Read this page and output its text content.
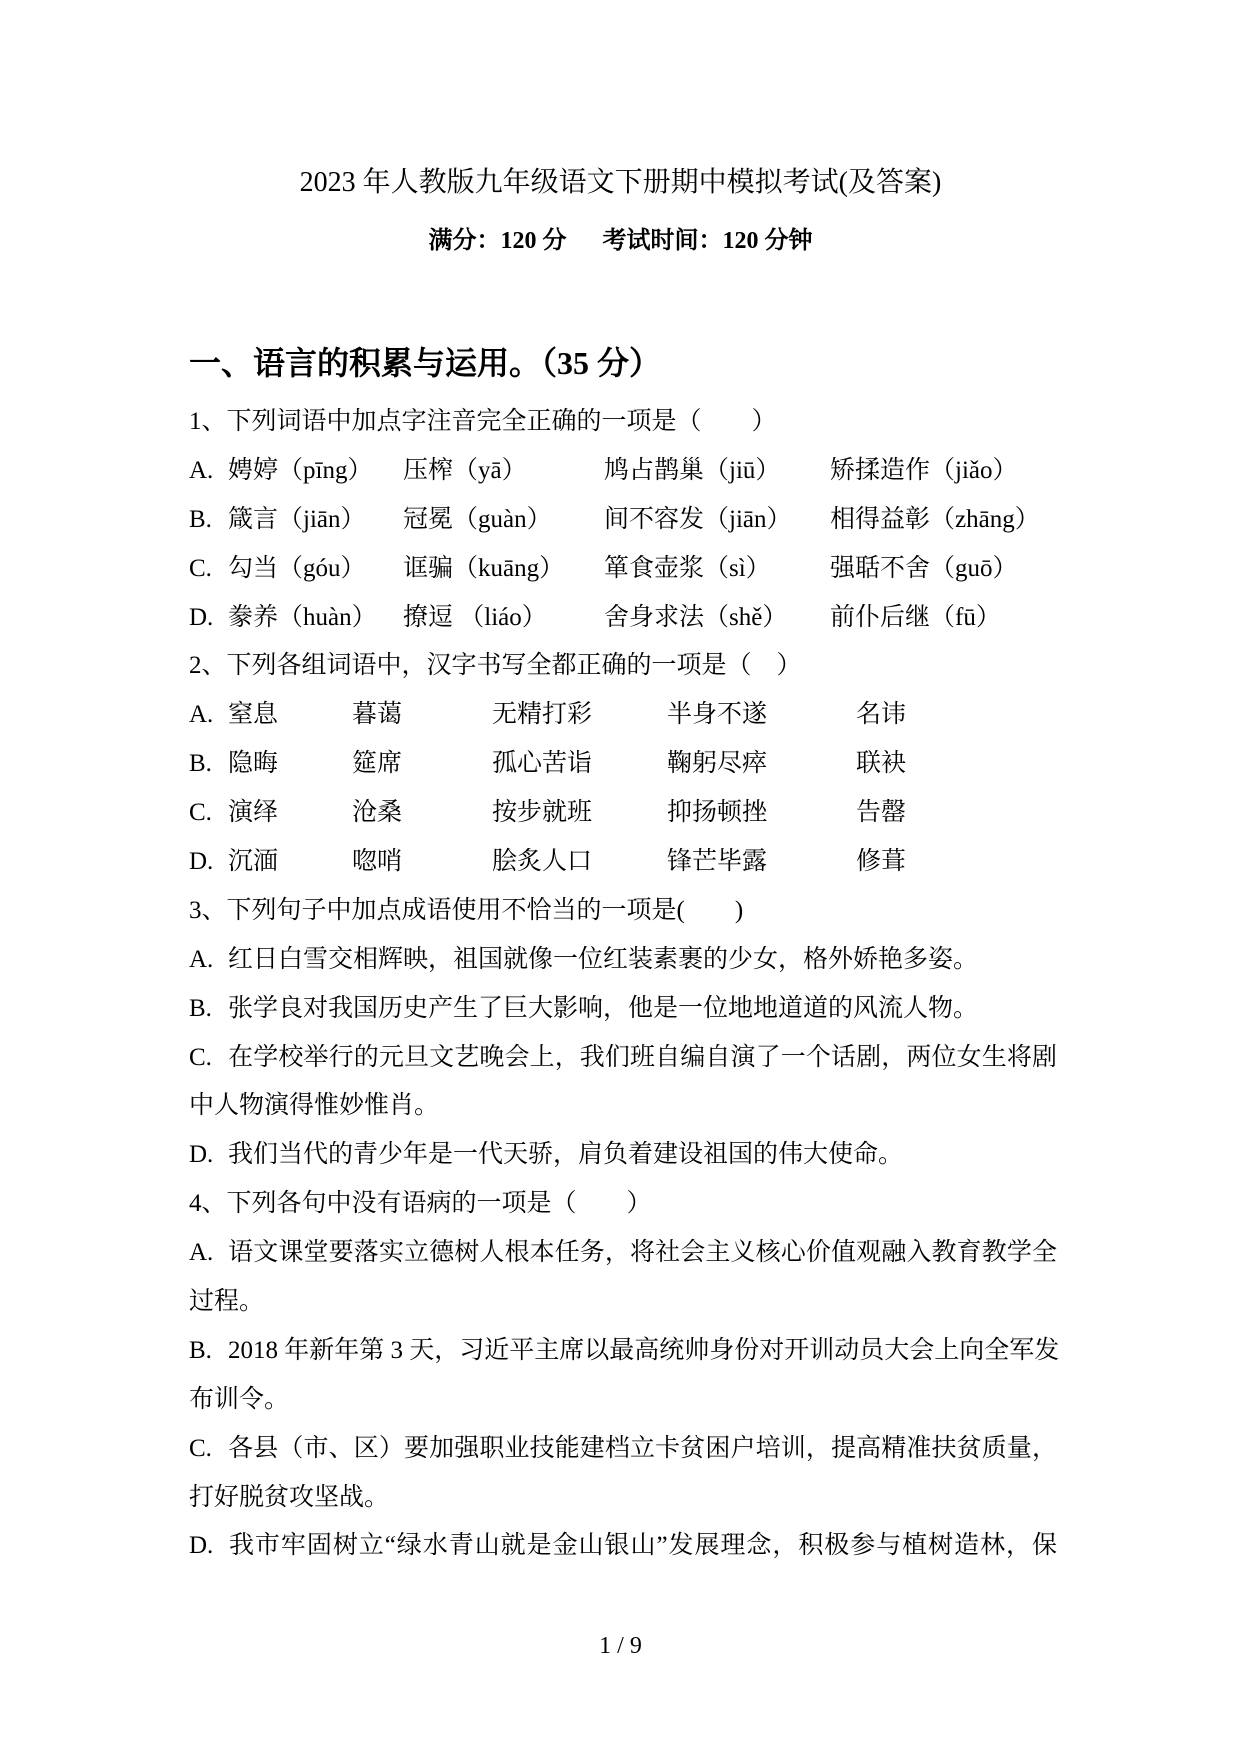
2023 年人教版九年级语文下册期中模拟考试(及答案)
满分：120 分 考试时间：120 分钟
一、语言的积累与运用。（35 分）
1、下列词语中加点字注音完全正确的一项是（　　）
A. 娉婷（pīng） 压榨（yā）	鸠占鹊巢（jiū） 矫揉造作（jiǎo）
B. 箴言（jiān） 冠冕（guàn） 间不容发（jiān） 相得益彰（zhāng）
C. 勾当（góu） 诓骗（kuāng） 箪食壶浆（sì） 强聒不舍（guō）
D. 豢养（huàn） 撩逗 （liáo） 舍身求法（shě） 前仆后继（fū）
2、下列各组词语中，汉字书写全都正确的一项是（　）
A. 窒息	暮蔼	无精打彩	半身不遂	名讳
B. 隐晦	筵席	孤心苦诣	鞠躬尽瘁	联袂
C. 演绎	沧桑	按步就班	抑扬顿挫	告罄
D. 沉湎	唿哨	脍炙人口	锋芒毕露	修葺
3、下列句子中加点成语使用不恰当的一项是(　　)
A. 红日白雪交相辉映，祖国就像一位红装素裹的少女，格外娇艳多姿。
B. 张学良对我国历史产生了巨大影响，他是一位地地道道的风流人物。
C. 在学校举行的元旦文艺晚会上，我们班自编自演了一个话剧，两位女生将剧
中人物演得惟妙惟肖。
D. 我们当代的青少年是一代天骄，肩负着建设祖国的伟大使命。
4、下列各句中没有语病的一项是（　　）
A. 语文课堂要落实立德树人根本任务，将社会主义核心价值观融入教育教学全
过程。
B. 2018 年新年第 3 天，习近平主席以最高统帅身份对开训动员大会上向全军发
布训令。
C. 各县（市、区）要加强职业技能建档立卡贫困户培训，提高精准扶贫质量，
打好脱贫攻坚战。
D. 我市牢固树立“绿水青山就是金山银山”发展理念，积极参与植树造林，保
1 / 9
